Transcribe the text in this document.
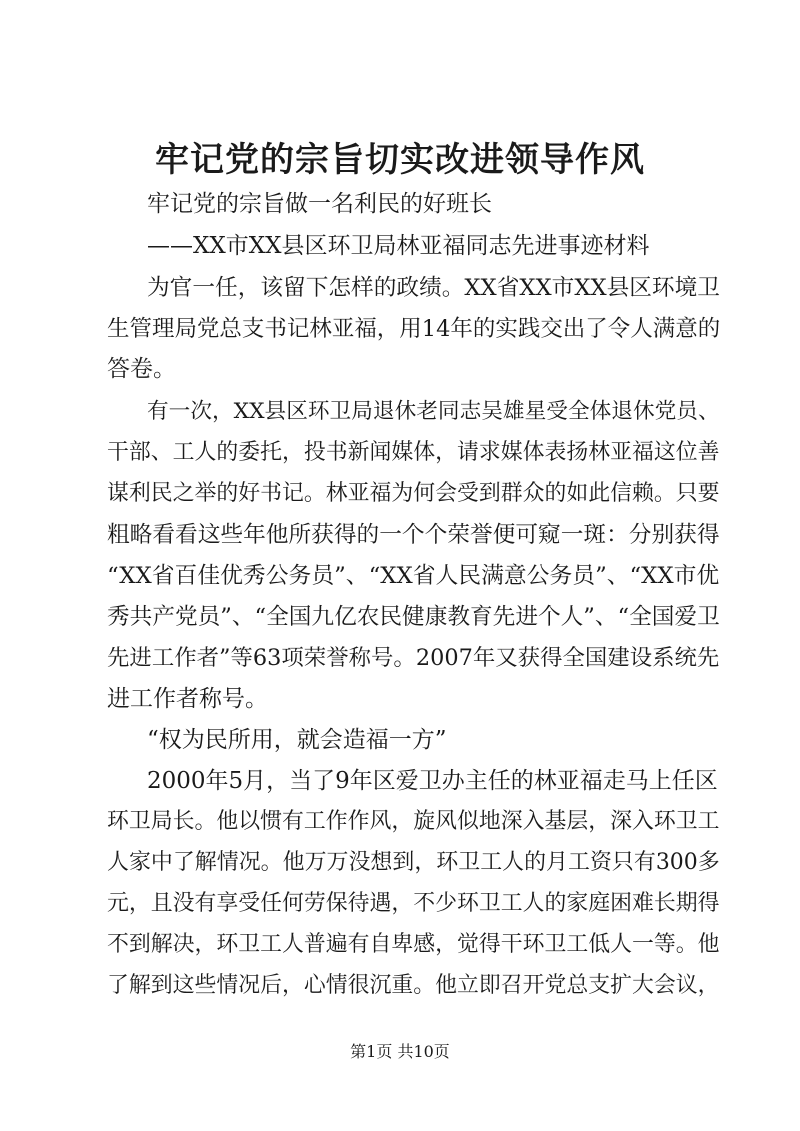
牢记党的宗旨切实改进领导作风
牢记党的宗旨做一名利民的好班长
——XX市XX县区环卫局林亚福同志先进事迹材料
为官一任，该留下怎样的政绩。XX省XX市XX县区环境卫
生管理局党总支书记林亚福，用14年的实践交出了令人满意的
答卷。
有一次，XX县区环卫局退休老同志吴雄星受全体退休党员、
干部、工人的委托，投书新闻媒体，请求媒体表扬林亚福这位善
谋利民之举的好书记。林亚福为何会受到群众的如此信赖。只要
粗略看看这些年他所获得的一个个荣誉便可窥一斑：分别获得
“XX省百佳优秀公务员”、“XX省人民满意公务员”、“XX市优
秀共产党员”、“全国九亿农民健康教育先进个人”、“全国爱卫
先进工作者”等63项荣誉称号。2007年又获得全国建设系统先
进工作者称号。
“权为民所用，就会造福一方”
2000年5月，当了9年区爱卫办主任的林亚福走马上任区
环卫局长。他以惯有工作作风，旋风似地深入基层，深入环卫工
人家中了解情况。他万万没想到，环卫工人的月工资只有300多
元，且没有享受任何劳保待遇，不少环卫工人的家庭困难长期得
不到解决，环卫工人普遍有自卑感，觉得干环卫工低人一等。他
了解到这些情况后，心情很沉重。他立即召开党总支扩大会议，
第1页 共10页
